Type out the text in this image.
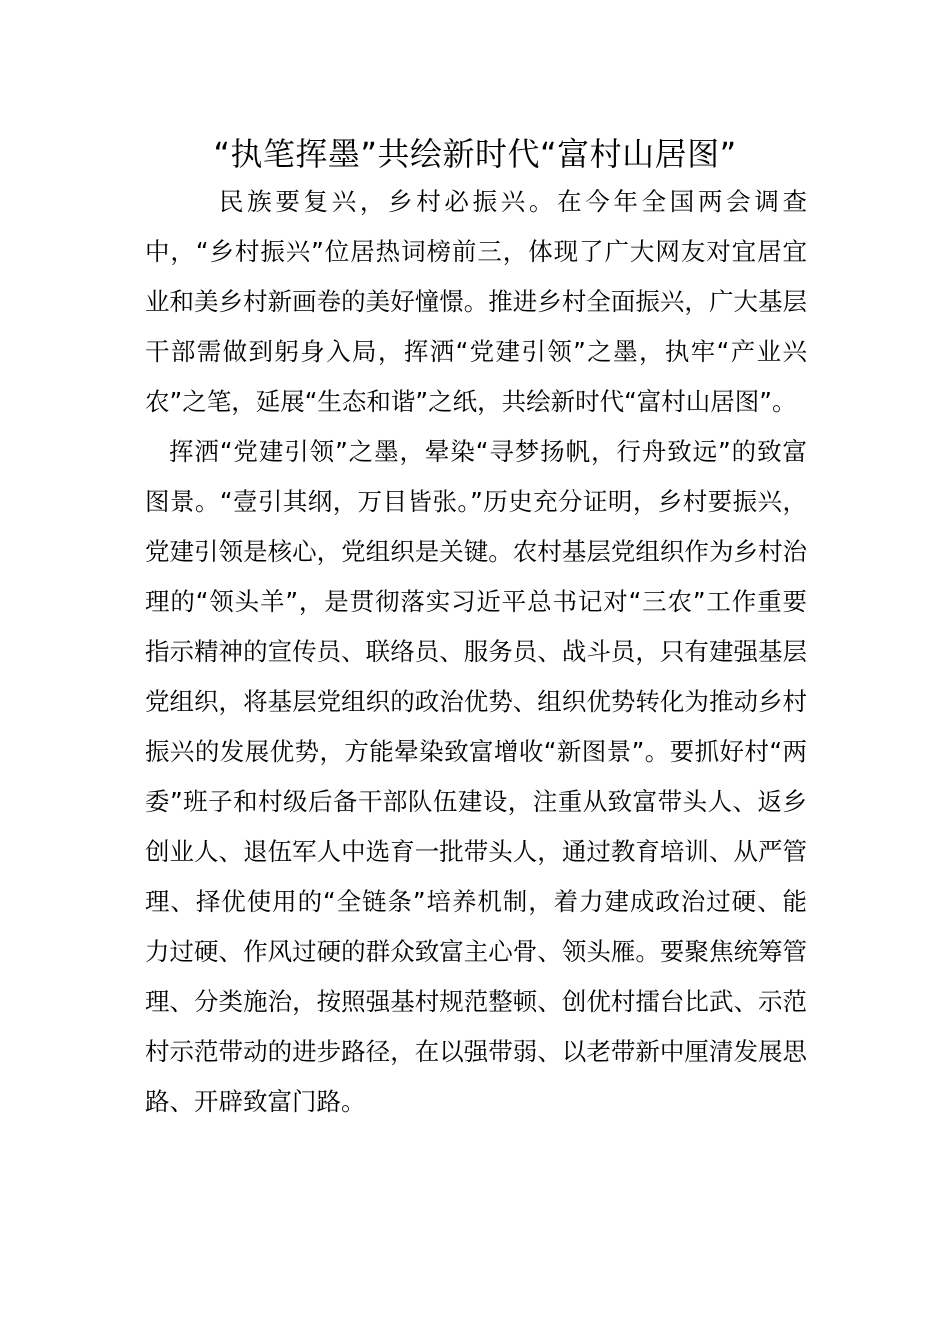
“执笔挥墨”共绘新时代“富村山居图”

民族要复兴，乡村必振兴。在今年全国两会调查中，“乡村振兴”位居热词榜前三，体现了广大网友对宜居宜业和美乡村新画卷的美好憧憬。推进乡村全面振兴，广大基层干部需做到躬身入局，挥洒“党建引领”之墨，执牢“产业兴农”之笔，延展“生态和谐”之纸，共绘新时代“富村山居图”。

挥洒“党建引领”之墨，晕染“寻梦扬帆，行舟致远”的致富图景。“壹引其纲，万目皆张。”历史充分证明，乡村要振兴，党建引领是核心，党组织是关键。农村基层党组织作为乡村治理的“领头羊”，是贯彻落实习近平总书记对“三农”工作重要指示精神的宣传员、联络员、服务员、战斗员，只有建强基层党组织，将基层党组织的政治优势、组织优势转化为推动乡村振兴的发展优势，方能晕染致富增收“新图景”。要抓好村“两委”班子和村级后备干部队伍建设，注重从致富带头人、返乡创业人、退伍军人中选育一批带头人，通过教育培训、从严管理、择优使用的“全链条”培养机制，着力建成政治过硬、能力过硬、作风过硬的群众致富主心骨、领头雁。要聚焦统筹管理、分类施治，按照强基村规范整顿、创优村擂台比武、示范村示范带动的进步路径，在以强带弱、以老带新中厘清发展思路、开辟致富门路。
